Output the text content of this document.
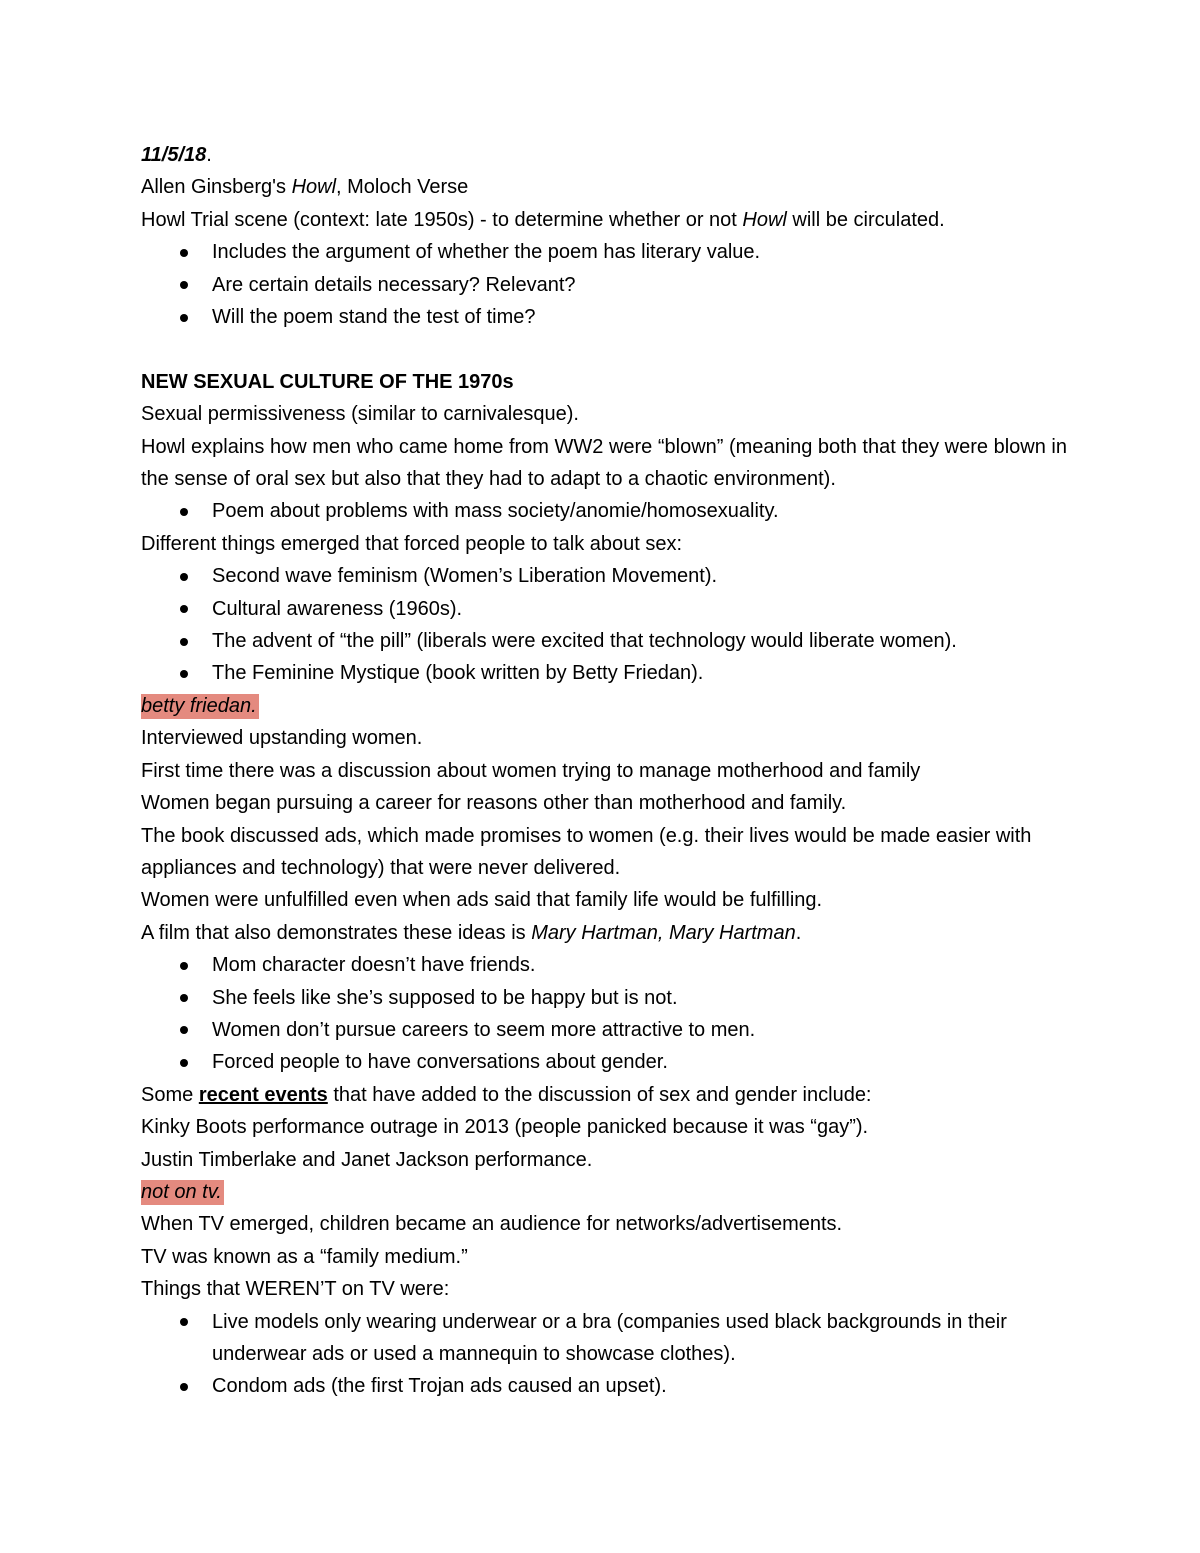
11/5/18.

Allen Ginsberg's Howl, Moloch Verse

Howl Trial scene (context: late 1950s) - to determine whether or not Howl will be circulated.

Includes the argument of whether the poem has literary value.
Are certain details necessary? Relevant?
Will the poem stand the test of time?

NEW SEXUAL CULTURE OF THE 1970s

Sexual permissiveness (similar to carnivalesque).

Howl explains how men who came home from WW2 were “blown” (meaning both that they were blown in the sense of oral sex but also that they had to adapt to a chaotic environment).

Poem about problems with mass society/anomie/homosexuality.

Different things emerged that forced people to talk about sex:

Second wave feminism (Women’s Liberation Movement).
Cultural awareness (1960s).
The advent of “the pill” (liberals were excited that technology would liberate women).
The Feminine Mystique (book written by Betty Friedan).

betty friedan.

Interviewed upstanding women.

First time there was a discussion about women trying to manage motherhood and family

Women began pursuing a career for reasons other than motherhood and family.

The book discussed ads, which made promises to women (e.g. their lives would be made easier with appliances and technology) that were never delivered.

Women were unfulfilled even when ads said that family life would be fulfilling.

A film that also demonstrates these ideas is Mary Hartman, Mary Hartman.

Mom character doesn’t have friends.
She feels like she’s supposed to be happy but is not.
Women don’t pursue careers to seem more attractive to men.
Forced people to have conversations about gender.

Some recent events that have added to the discussion of sex and gender include:

Kinky Boots performance outrage in 2013 (people panicked because it was “gay”).

Justin Timberlake and Janet Jackson performance.

not on tv.

When TV emerged, children became an audience for networks/advertisements.

TV was known as a “family medium.”

Things that WEREN’T on TV were:

Live models only wearing underwear or a bra (companies used black backgrounds in their underwear ads or used a mannequin to showcase clothes).
Condom ads (the first Trojan ads caused an upset).
